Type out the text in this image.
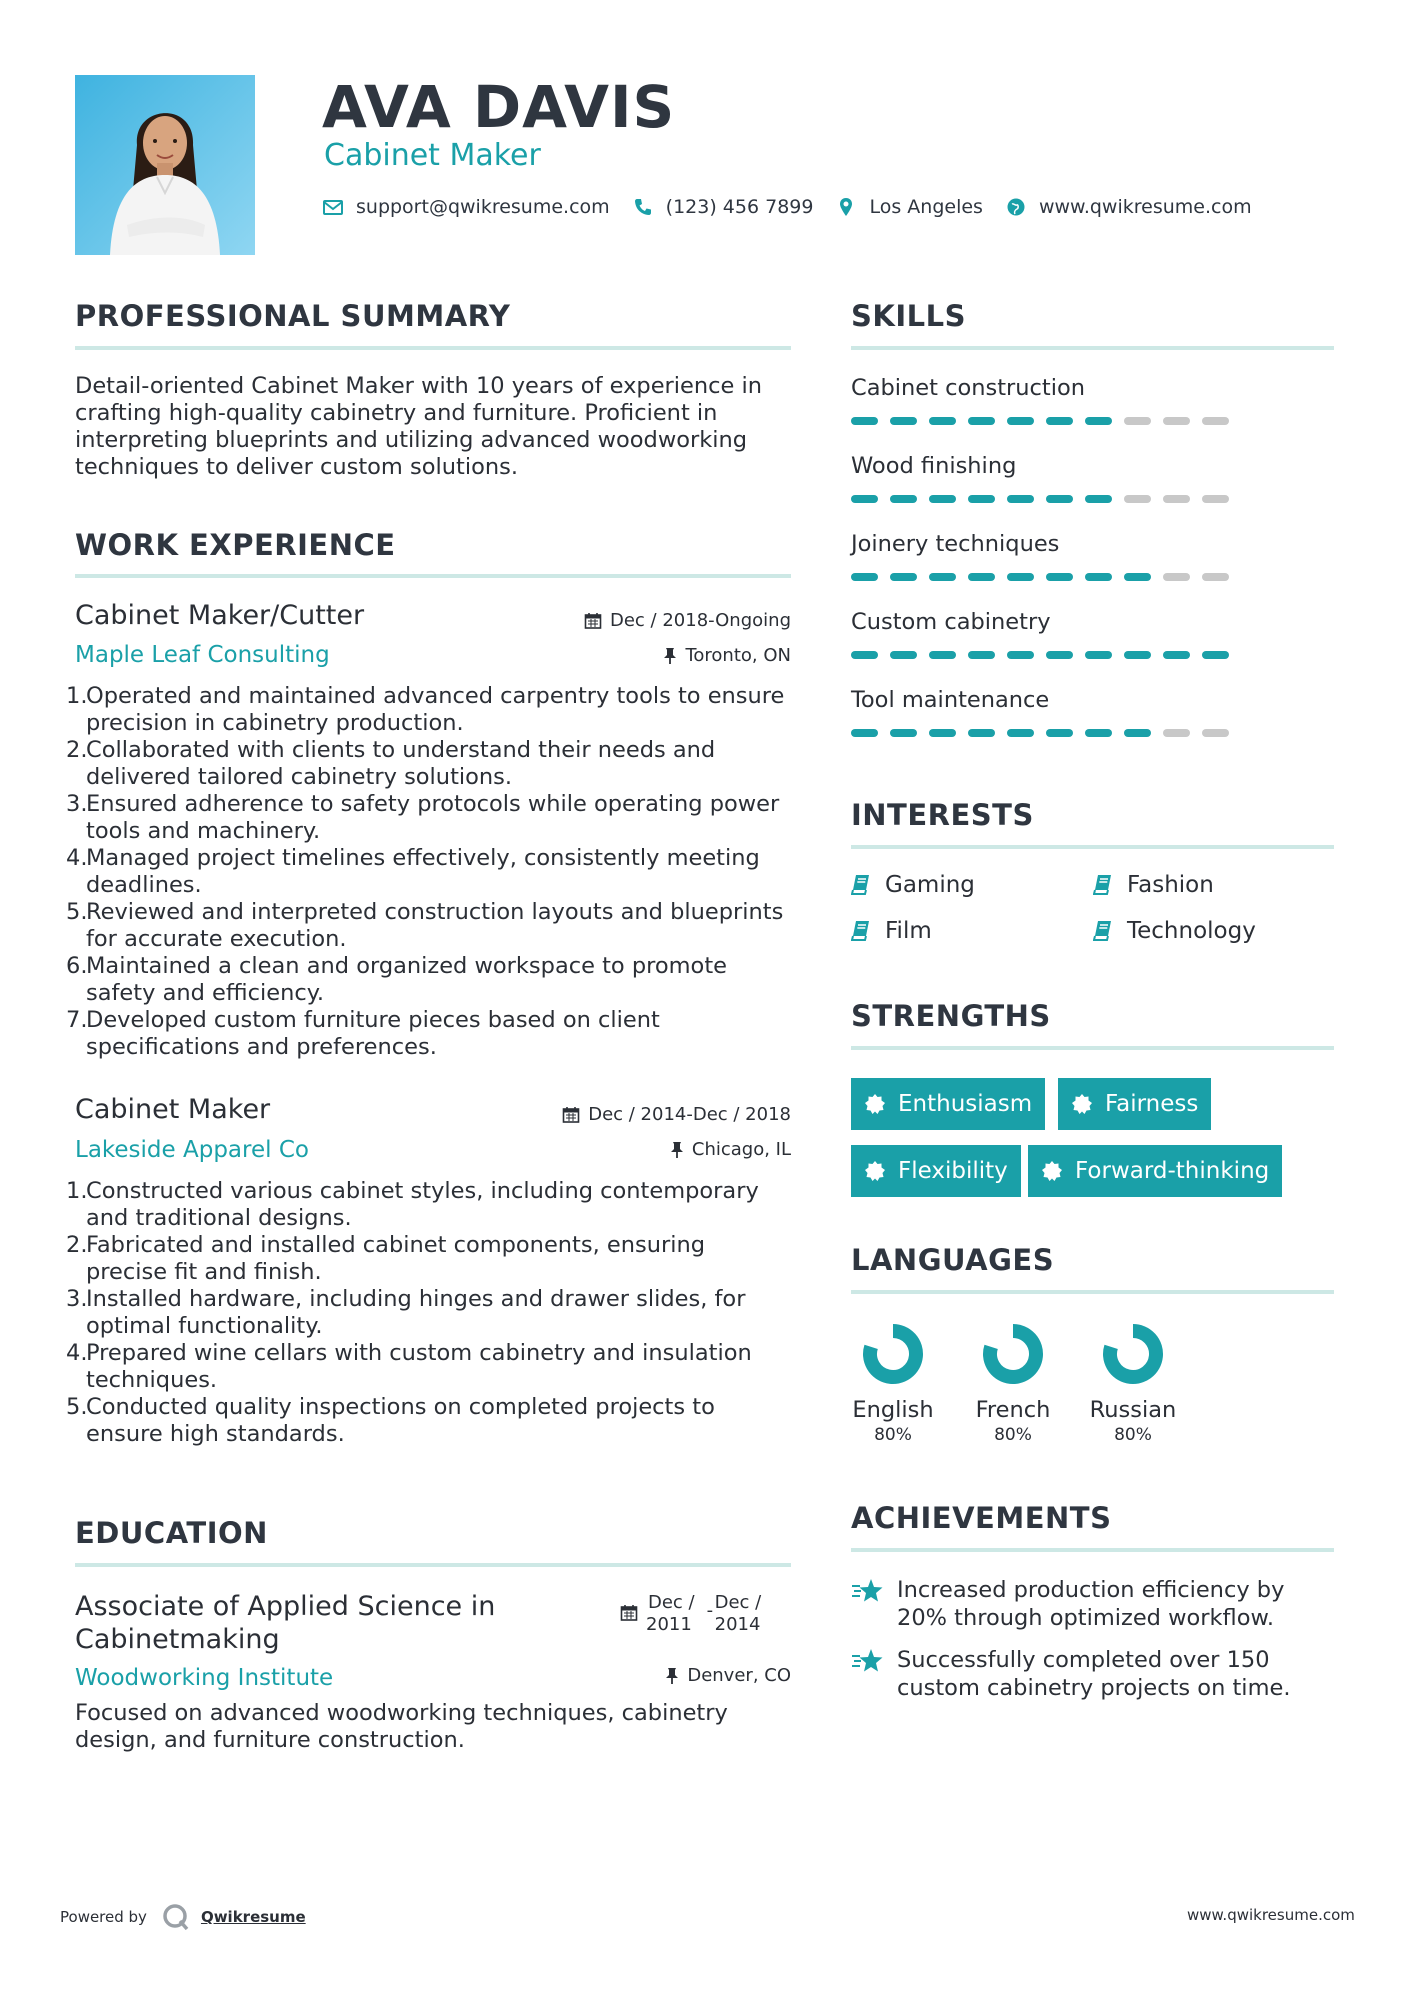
AVA DAVIS
Cabinet Maker
support@qwikresume.com	(123) 456 7899	Los Angeles	www.qwikresume.com
PROFESSIONAL SUMMARY
Detail-oriented Cabinet Maker with 10 years of experience in
crafting high-quality cabinetry and furniture. Proficient in
interpreting blueprints and utilizing advanced woodworking
techniques to deliver custom solutions.
WORK EXPERIENCE
Cabinet Maker/Cutter	Dec / 2018-Ongoing
Maple Leaf Consulting	Toronto, ON
1.
Operated and maintained advanced carpentry tools to ensure
precision in cabinetry production.
2.
Collaborated with clients to understand their needs and
delivered tailored cabinetry solutions.
3.
Ensured adherence to safety protocols while operating power
tools and machinery.
4.
Managed project timelines effectively, consistently meeting
deadlines.
5.
Reviewed and interpreted construction layouts and blueprints
for accurate execution.
6.
Maintained a clean and organized workspace to promote
safety and efficiency.
7.
Developed custom furniture pieces based on client
specifications and preferences.
Cabinet Maker	Dec / 2014-Dec / 2018
Lakeside Apparel Co	Chicago, IL
1.
Constructed various cabinet styles, including contemporary
and traditional designs.
2.
Fabricated and installed cabinet components, ensuring
precise fit and finish.
3.
Installed hardware, including hinges and drawer slides, for
optimal functionality.
4.
Prepared wine cellars with custom cabinetry and insulation
techniques.
5.
Conducted quality inspections on completed projects to
ensure high standards.
EDUCATION
Associate of Applied Science in
Cabinetmaking
Dec /
2011
- Dec /
2014
Woodworking Institute	Denver, CO
Focused on advanced woodworking techniques, cabinetry
design, and furniture construction.
SKILLS
Cabinet construction
Wood finishing
Joinery techniques
Custom cabinetry
Tool maintenance
INTERESTS
Gaming	Fashion
Film	Technology
STRENGTHS
Enthusiasm	Fairness
Flexibility	Forward-thinking
LANGUAGES
English
80%
French
80%
Russian
80%
ACHIEVEMENTS
Increased production efficiency by
20% through optimized workflow.
Successfully completed over 150
custom cabinetry projects on time.
Powered by	Qwikresume	www.qwikresume.com
